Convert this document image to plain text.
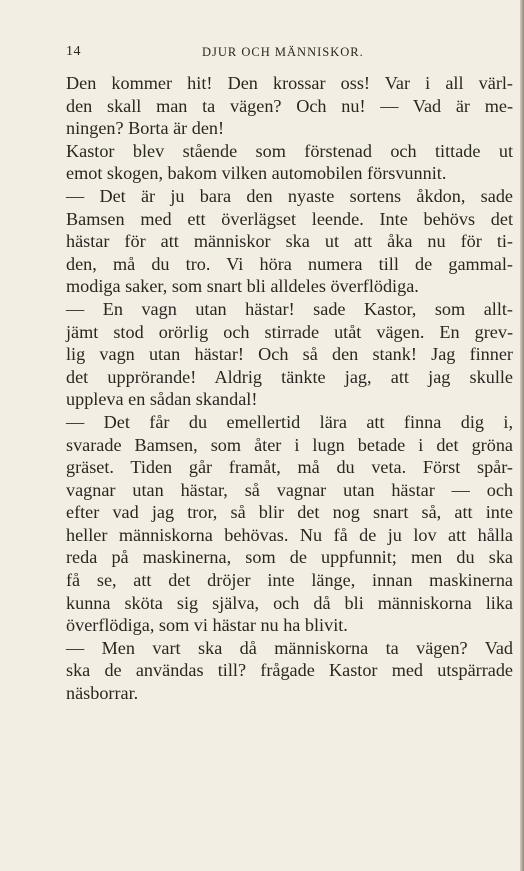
14	DJUR OCH MÄNNISKOR.
Den kommer hit! Den krossar oss! Var i all värl-
den skall man ta vägen? Och nu! — Vad är me-
ningen? Borta är den!
Kastor blev stående som förstenad och tittade ut
emot skogen, bakom vilken automobilen försvunnit.
— Det är ju bara den nyaste sortens åkdon, sade
Bamsen med ett överlägset leende. Inte behövs det
hästar för att människor ska ut att åka nu för ti-
den, må du tro. Vi höra numera till de gammal-
modiga saker, som snart bli alldeles överflödiga.
— En vagn utan hästar! sade Kastor, som allt-
jämt stod orörlig och stirrade utåt vägen. En grev-
lig vagn utan hästar! Och så den stank! Jag finner
det upprörande! Aldrig tänkte jag, att jag skulle
uppleva en sådan skandal!
— Det får du emellertid lära att finna dig i,
svarade Bamsen, som åter i lugn betade i det gröna
gräset. Tiden går framåt, må du veta. Först spår-
vagnar utan hästar, så vagnar utan hästar — och
efter vad jag tror, så blir det nog snart så, att inte
heller människorna behövas. Nu få de ju lov att hålla
reda på maskinerna, som de uppfunnit; men du ska
få se, att det dröjer inte länge, innan maskinerna
kunna sköta sig själva, och då bli människorna lika
överflödiga, som vi hästar nu ha blivit.
— Men vart ska då människorna ta vägen? Vad
ska de användas till? frågade Kastor med utspärrade
näsborrar.
